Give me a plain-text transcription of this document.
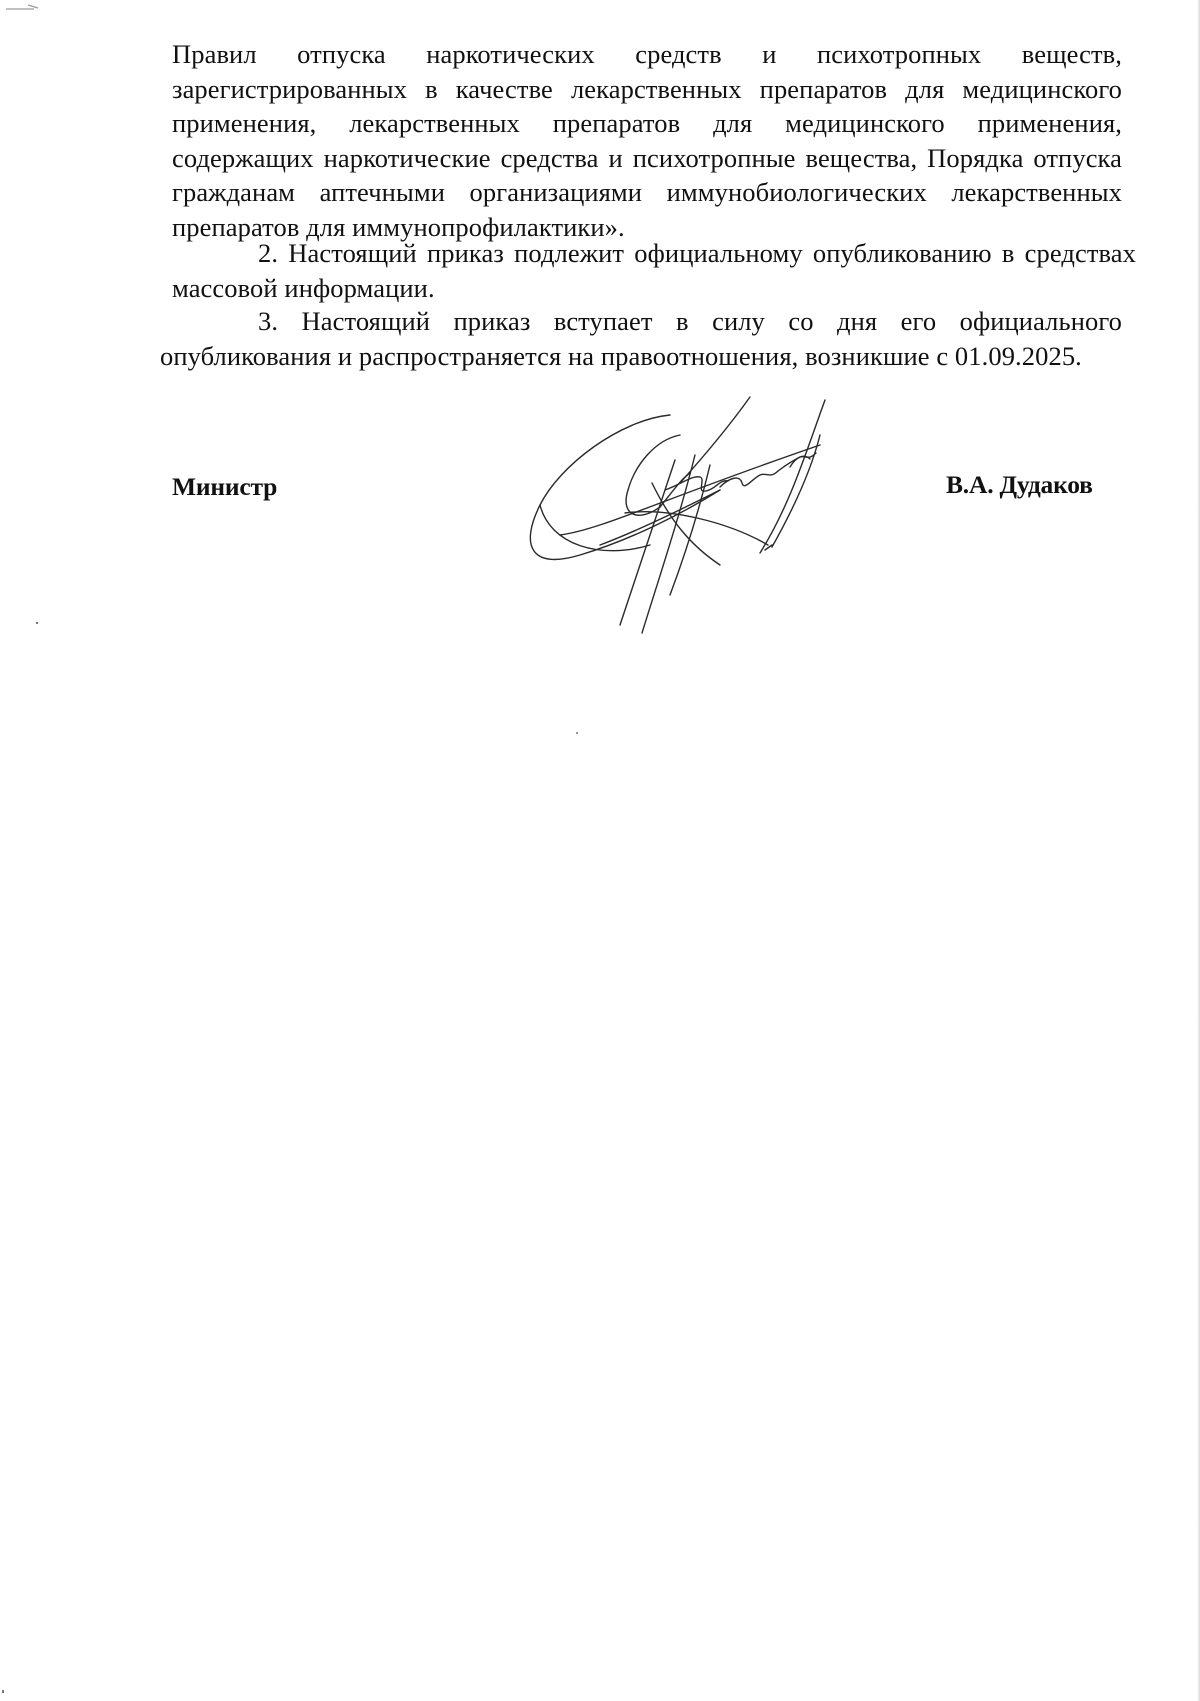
Правил отпуска наркотических средств и психотропных веществ, зарегистрированных в качестве лекарственных препаратов для медицинского применения, лекарственных препаратов для медицинского применения, содержащих наркотические средства и психотропные вещества, Порядка отпуска гражданам аптечными организациями иммунобиологических лекарственных препаратов для иммунопрофилактики».

2. Настоящий приказ подлежит официальному опубликованию в средствах массовой информации.

3. Настоящий приказ вступает в силу со дня его официального опубликования и распространяется на правоотношения, возникшие с 01.09.2025.

Министр	В.А. Дудаков
